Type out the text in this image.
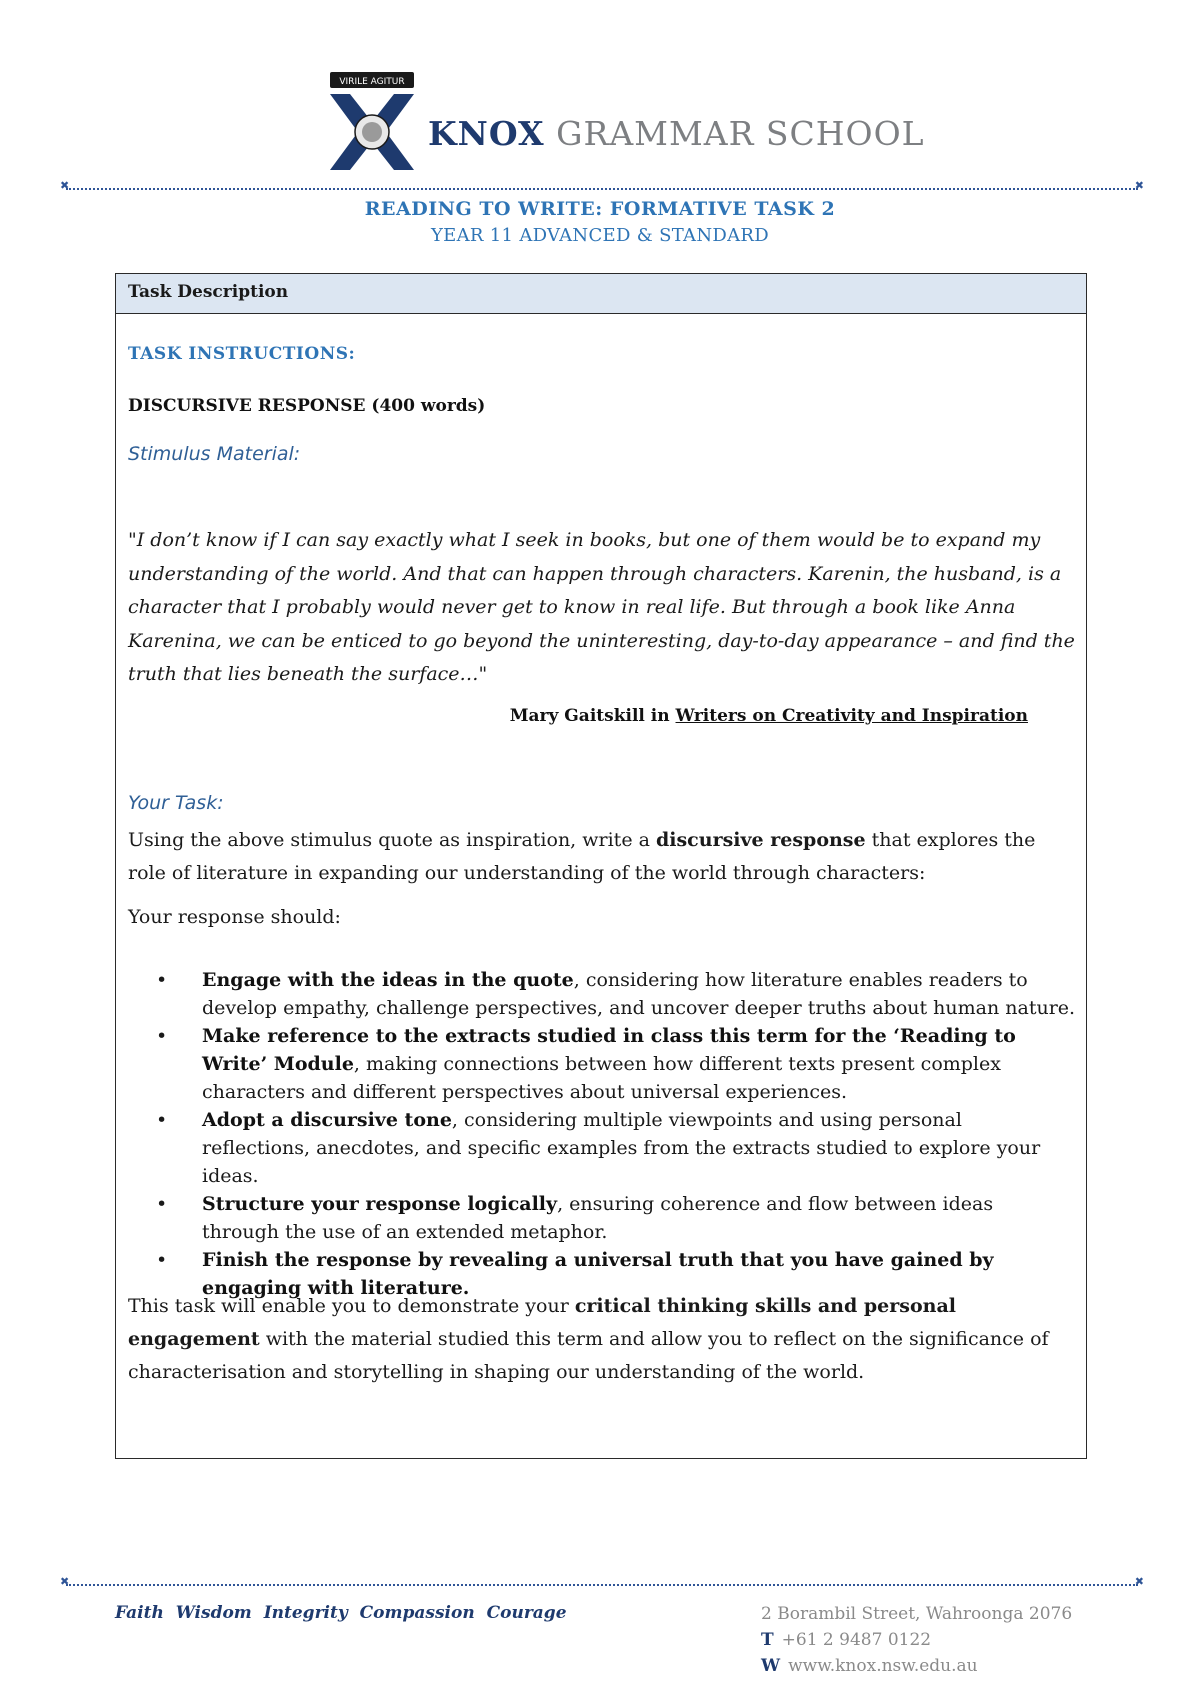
VIRILE AGITUR
KNOX GRAMMAR SCHOOL
✖ ✖
READING TO WRITE: FORMATIVE TASK 2
YEAR 11 ADVANCED & STANDARD
Task Description
TASK INSTRUCTIONS:
DISCURSIVE RESPONSE (400 words)
Stimulus Material:
"I don’t know if I can say exactly what I seek in books, but one of them would be to expand my understanding of the world. And that can happen through characters. Karenin, the husband, is a character that I probably would never get to know in real life. But through a book like Anna Karenina, we can be enticed to go beyond the uninteresting, day-to-day appearance – and find the truth that lies beneath the surface…"
Mary Gaitskill in Writers on Creativity and Inspiration
Your Task:
Using the above stimulus quote as inspiration, write a discursive response that explores the role of literature in expanding our understanding of the world through characters:
Your response should:
• Engage with the ideas in the quote, considering how literature enables readers to develop empathy, challenge perspectives, and uncover deeper truths about human nature.
• Make reference to the extracts studied in class this term for the ‘Reading to Write’ Module, making connections between how different texts present complex characters and different perspectives about universal experiences.
• Adopt a discursive tone, considering multiple viewpoints and using personal reflections, anecdotes, and specific examples from the extracts studied to explore your ideas.
• Structure your response logically, ensuring coherence and flow between ideas through the use of an extended metaphor.
• Finish the response by revealing a universal truth that you have gained by engaging with literature.
This task will enable you to demonstrate your critical thinking skills and personal engagement with the material studied this term and allow you to reflect on the significance of characterisation and storytelling in shaping our understanding of the world.
✖ ✖
Faith Wisdom Integrity Compassion Courage	2 Borambil Street, Wahroonga 2076
T +61 2 9487 0122
W www.knox.nsw.edu.au
